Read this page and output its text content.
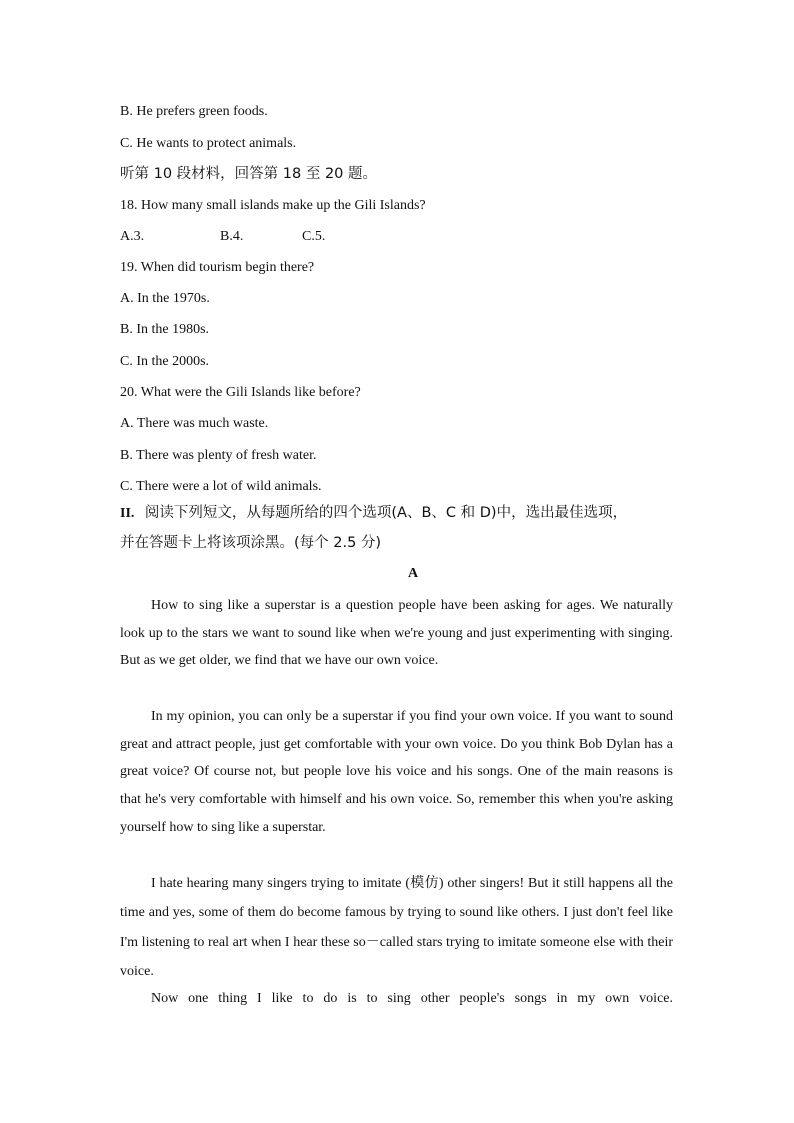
B. He prefers green foods.
C. He wants to protect animals.
听第 10 段材料，回答第 18 至 20 题。
18. How many small islands make up the Gili Islands?
A.3.	B.4.	C.5.
19. When did tourism begin there?
A. In the 1970s.
B. In the 1980s.
C. In the 2000s.
20. What were the Gili Islands like before?
A. There was much waste.
B. There was plenty of fresh water.
C. There were a lot of wild animals.
II. 阅读下列短文，从每题所给的四个选项(A、B、C 和 D)中，选出最佳选项，
并在答题卡上将该项涂黑。(每个 2.5 分)
A

How to sing like a superstar is a question people have been asking for ages. We naturally look up to the stars we want to sound like when we're young and just experimenting with singing. But as we get older, we find that we have our own voice.

In my opinion, you can only be a superstar if you find your own voice. If you want to sound great and attract people, just get comfortable with your own voice. Do you think Bob Dylan has a great voice? Of course not, but people love his voice and his songs. One of the main reasons is that he's very comfortable with himself and his own voice. So, remember this when you're asking yourself how to sing like a superstar.

I hate hearing many singers trying to imitate (模仿) other singers! But it still happens all the time and yes, some of them do become famous by trying to sound like others. I just don't feel like I'm listening to real art when I hear these so－called stars trying to imitate someone else with their voice.

Now one thing I like to do is to sing other people's songs in my own voice.
